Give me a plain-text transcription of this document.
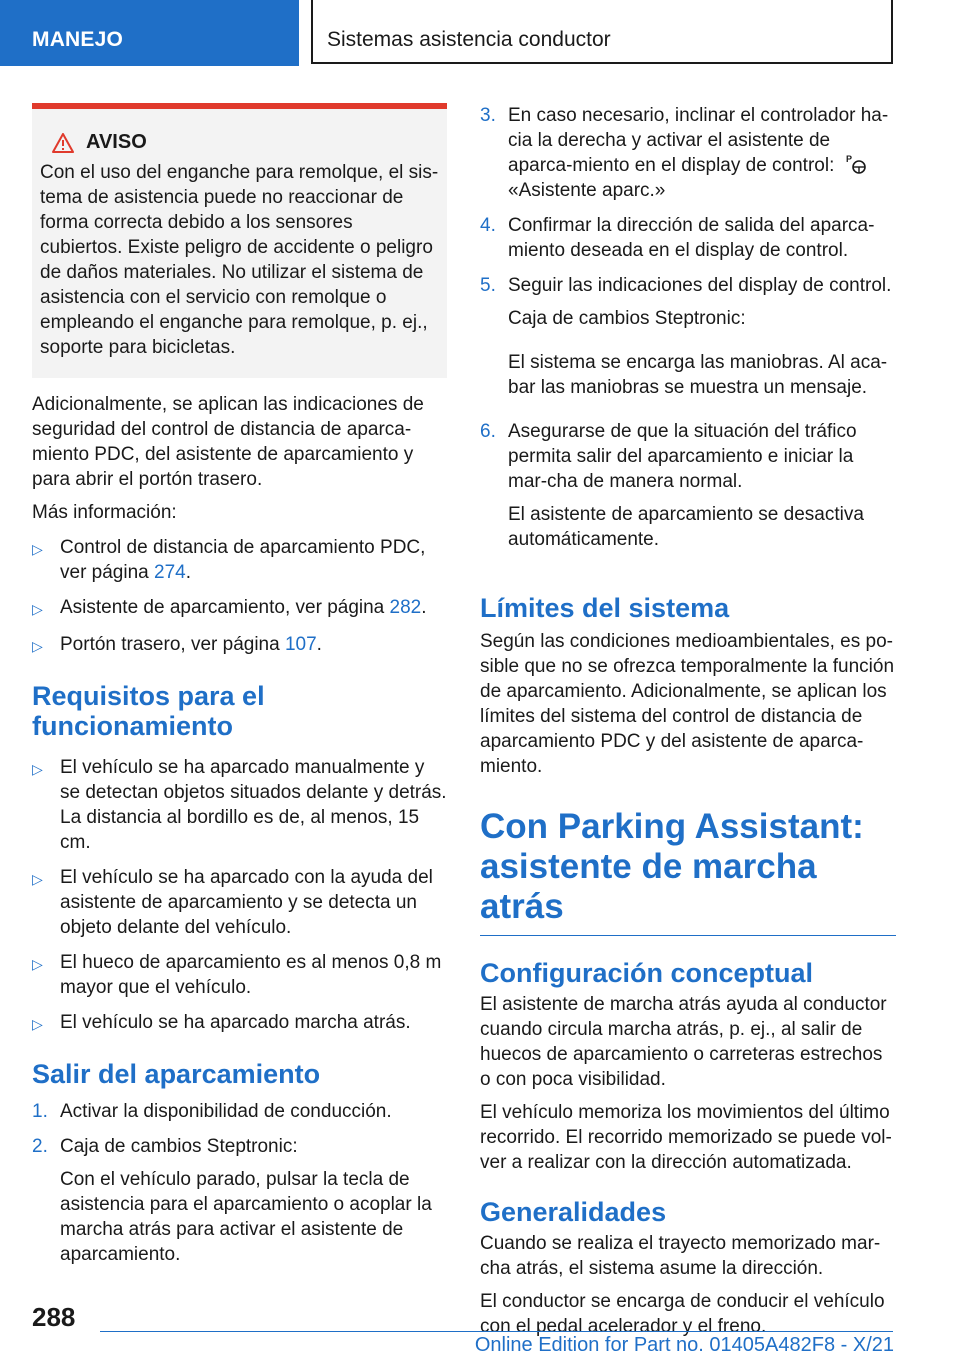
MANEJO	Sistemas asistencia conductor
AVISO

Con el uso del enganche para remolque, el sis-tema de asistencia puede no reaccionar de forma correcta debido a los sensores cubiertos. Existe peligro de accidente o peligro de daños materiales. No utilizar el sistema de asistencia con el servicio con remolque o empleando el enganche para remolque, p. ej., soporte para bicicletas.

Adicionalmente, se aplican las indicaciones de seguridad del control de distancia de aparca-miento PDC, del asistente de aparcamiento y para abrir el portón trasero.

Más información:

▷ Control de distancia de aparcamiento PDC, ver página 274.
▷ Asistente de aparcamiento, ver página 282.
▷ Portón trasero, ver página 107.
Requisitos para el funcionamiento
▷ El vehículo se ha aparcado manualmente y se detectan objetos situados delante y detrás. La distancia al bordillo es de, al menos, 15 cm.
▷ El vehículo se ha aparcado con la ayuda del asistente de aparcamiento y se detecta un objeto delante del vehículo.
▷ El hueco de aparcamiento es al menos 0,8 m mayor que el vehículo.
▷ El vehículo se ha aparcado marcha atrás.
Salir del aparcamiento
1. Activar la disponibilidad de conducción.
2. Caja de cambios Steptronic:

Con el vehículo parado, pulsar la tecla de asistencia para el aparcamiento o acoplar la marcha atrás para activar el asistente de aparcamiento.

3. En caso necesario, inclinar el controlador ha-cia la derecha y activar el asistente de aparca-miento en el display de control: P

«Asistente aparc.»
4. Confirmar la dirección de salida del aparca-miento deseada en el display de control.
5. Seguir las indicaciones del display de control.

Caja de cambios Steptronic:

El sistema se encarga las maniobras. Al aca-bar las maniobras se muestra un mensaje.

6. Asegurarse de que la situación del tráfico permita salir del aparcamiento e iniciar la mar-cha de manera normal.

El asistente de aparcamiento se desactiva automáticamente.

Límites del sistema

Según las condiciones medioambientales, es po-sible que no se ofrezca temporalmente la función de aparcamiento. Adicionalmente, se aplican los límites del sistema del control de distancia de aparcamiento PDC y del asistente de aparca-miento.

Con Parking Assistant: asistente de marcha atrás
Configuración conceptual

El asistente de marcha atrás ayuda al conductor cuando circula marcha atrás, p. ej., al salir de huecos de aparcamiento o carreteras estrechos o con poca visibilidad.

El vehículo memoriza los movimientos del último recorrido. El recorrido memorizado se puede vol-ver a realizar con la dirección automatizada.

Generalidades

Cuando se realiza el trayecto memorizado mar-cha atrás, el sistema asume la dirección.

El conductor se encarga de conducir el vehículo con el pedal acelerador y el freno.

288
Online Edition for Part no. 01405A482F8 - X/21
